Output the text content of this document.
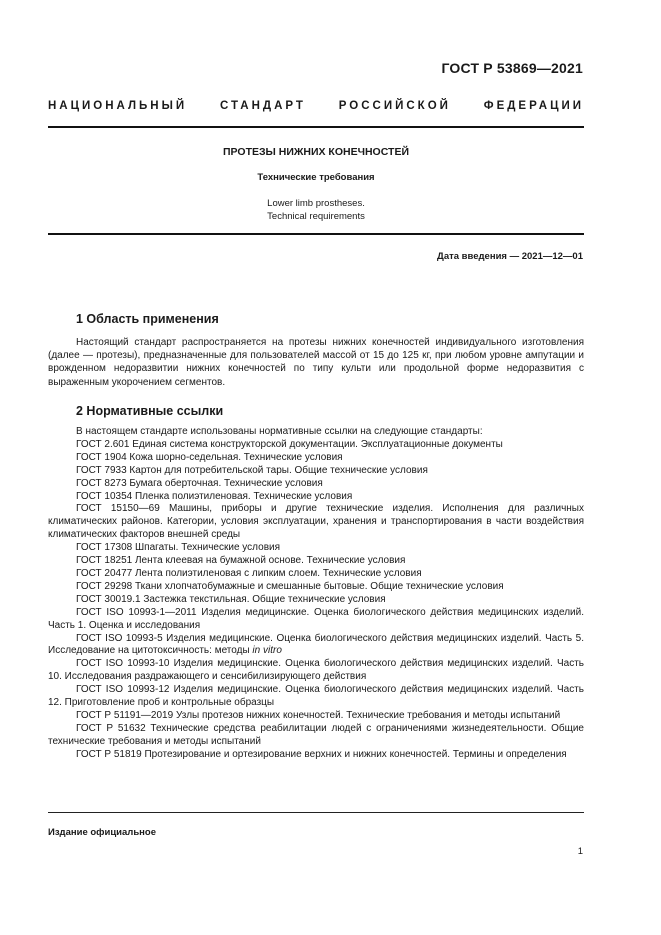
ГОСТ Р 53869—2021
НАЦИОНАЛЬНЫЙ СТАНДАРТ РОССИЙСКОЙ ФЕДЕРАЦИИ
ПРОТЕЗЫ НИЖНИХ КОНЕЧНОСТЕЙ
Технические требования
Lower limb prostheses.
Technical requirements
Дата введения — 2021—12—01
1 Область применения

Настоящий стандарт распространяется на протезы нижних конечностей индивидуального изготовления (далее — протезы), предназначенные для пользователей массой от 15 до 125 кг, при любом уровне ампутации и врожденном недоразвитии нижних конечностей по типу культи или продольной форме недоразвития с выраженным укорочением сегментов.

2 Нормативные ссылки

В настоящем стандарте использованы нормативные ссылки на следующие стандарты:

ГОСТ 2.601 Единая система конструкторской документации. Эксплуатационные документы

ГОСТ 1904 Кожа шорно-седельная. Технические условия

ГОСТ 7933 Картон для потребительской тары. Общие технические условия

ГОСТ 8273 Бумага оберточная. Технические условия

ГОСТ 10354 Пленка полиэтиленовая. Технические условия

ГОСТ 15150—69 Машины, приборы и другие технические изделия. Исполнения для различных климатических районов. Категории, условия эксплуатации, хранения и транспортирования в части воздействия климатических факторов внешней среды

ГОСТ 17308 Шпагаты. Технические условия

ГОСТ 18251 Лента клеевая на бумажной основе. Технические условия

ГОСТ 20477 Лента полиэтиленовая с липким слоем. Технические условия

ГОСТ 29298 Ткани хлопчатобумажные и смешанные бытовые. Общие технические условия

ГОСТ 30019.1 Застежка текстильная. Общие технические условия

ГОСТ ISO 10993-1—2011 Изделия медицинские. Оценка биологического действия медицинских изделий. Часть 1. Оценка и исследования

ГОСТ ISO 10993-5 Изделия медицинские. Оценка биологического действия медицинских изделий. Часть 5. Исследование на цитотоксичность: методы in vitro

ГОСТ ISO 10993-10 Изделия медицинские. Оценка биологического действия медицинских изделий. Часть 10. Исследования раздражающего и сенсибилизирующего действия

ГОСТ ISO 10993-12 Изделия медицинские. Оценка биологического действия медицинских изделий. Часть 12. Приготовление проб и контрольные образцы

ГОСТ Р 51191—2019 Узлы протезов нижних конечностей. Технические требования и методы испытаний

ГОСТ Р 51632 Технические средства реабилитации людей с ограничениями жизнедеятельности. Общие технические требования и методы испытаний

ГОСТ Р 51819 Протезирование и ортезирование верхних и нижних конечностей. Термины и определения

Издание официальное
1
